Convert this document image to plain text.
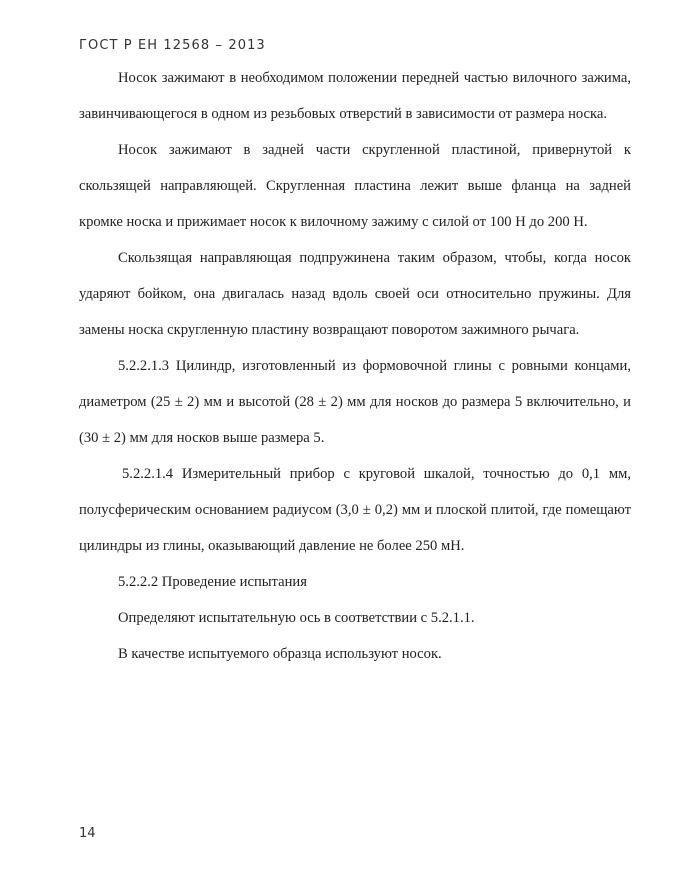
ГОСТ Р ЕН 12568 – 2013

Носок зажимают в необходимом положении передней частью вилочного зажима, завинчивающегося в одном из резьбовых отверстий в зависимости от размера носка.

Носок зажимают в задней части скругленной пластиной, привернутой к скользящей направляющей. Скругленная пластина лежит выше фланца на задней кромке носка и прижимает носок к вилочному зажиму с силой от 100 Н до 200 Н.

Скользящая направляющая подпружинена таким образом, чтобы, когда носок ударяют бойком, она двигалась назад вдоль своей оси относительно пружины. Для замены носка скругленную пластину возвращают поворотом зажимного рычага.

5.2.2.1.3 Цилиндр, изготовленный из формовочной глины с ровными концами, диаметром (25 ± 2) мм и высотой (28 ± 2) мм для носков до размера 5 включительно, и (30 ± 2) мм для носков выше размера 5.

5.2.2.1.4 Измерительный прибор с круговой шкалой, точностью до 0,1 мм, полусферическим основанием радиусом (3,0 ± 0,2) мм и плоской плитой, где помещают цилиндры из глины, оказывающий давление не более 250 мН.

5.2.2.2 Проведение испытания

Определяют испытательную ось в соответствии с 5.2.1.1.

В качестве испытуемого образца используют носок.

14
